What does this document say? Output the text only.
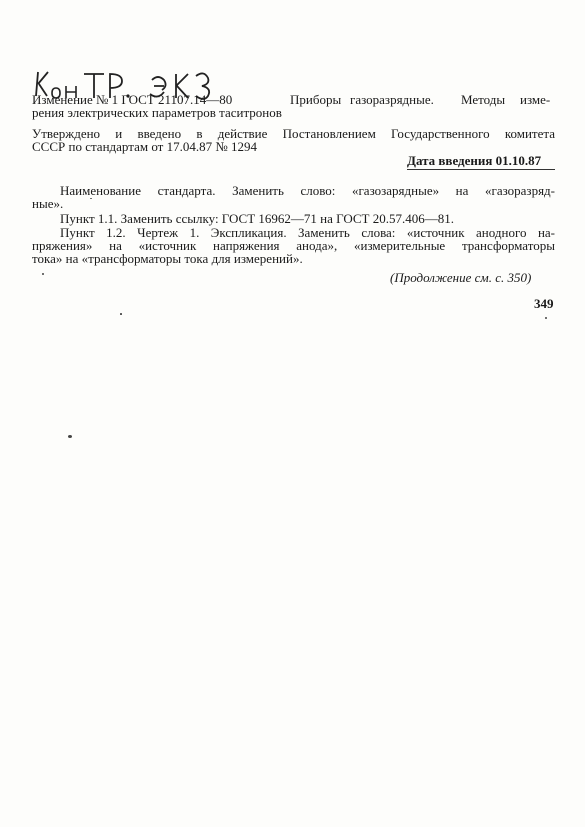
Изменение № 1 ГОСТ 21107.14—80	Приборы газоразрядные. Методы изме-
рения электрических параметров таситронов
Утверждено и введено в действие Постановлением Государственного комитета
СССР по стандартам от 17.04.87 № 1294
Дата введения 01.10.87
Наименование стандарта. Заменить слово: «газозарядные» на «газоразряд-
ные».
Пункт 1.1. Заменить ссылку: ГОСТ 16962—71 на ГОСТ 20.57.406—81.
Пункт 1.2. Чертеж 1. Экспликация. Заменить слова: «источник анодного на-
пряжения» на «источник напряжения анода», «измерительные трансформаторы
тока» на «трансформаторы тока для измерений».
(Продолжение см. с. 350)
349
